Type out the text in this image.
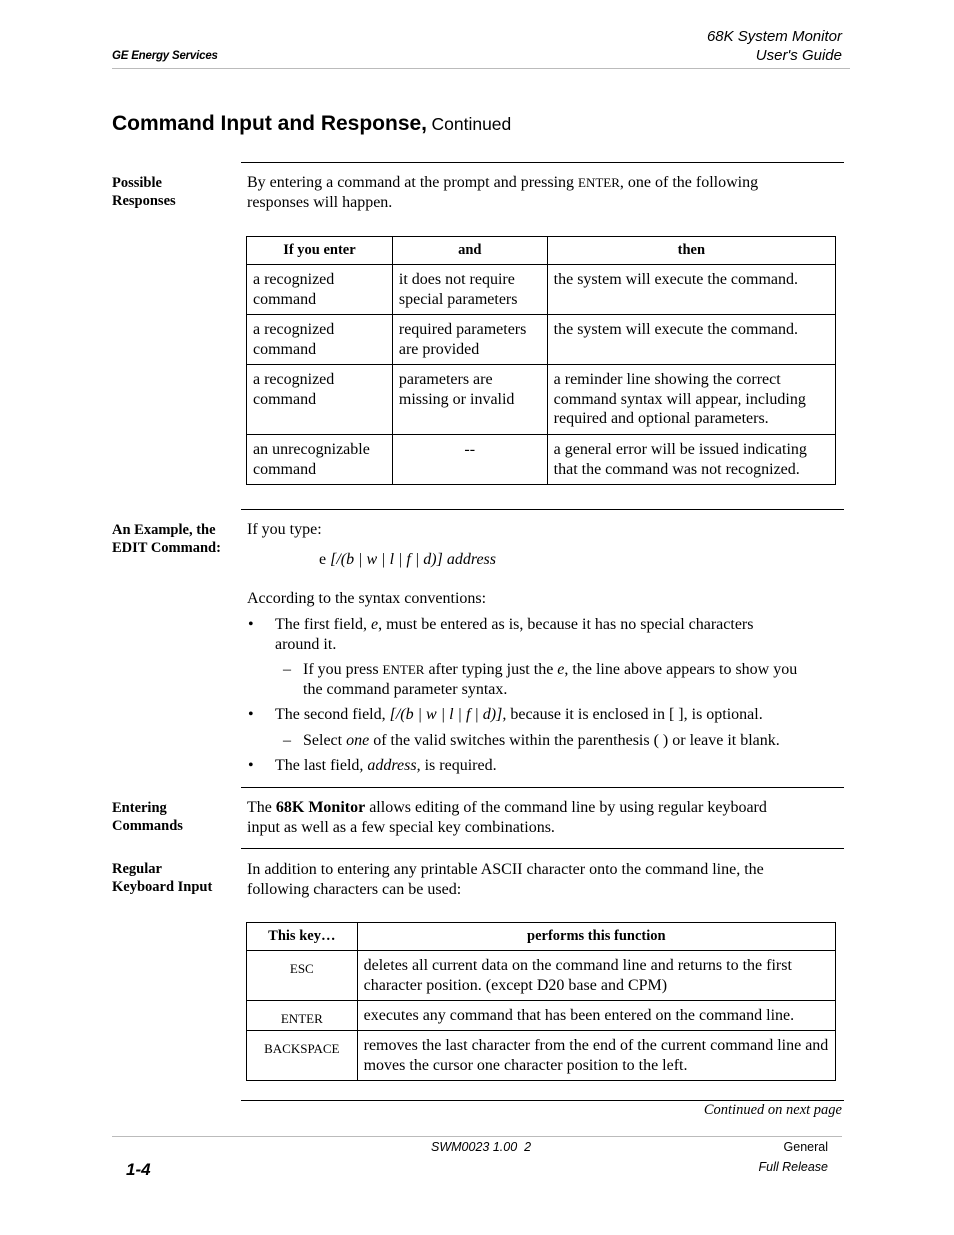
GE Energy Services
68K System Monitor
User's Guide
Command Input and Response, Continued
Possible
Responses
By entering a command at the prompt and pressing ENTER, one of the following
responses will happen.
If you enter	and	then
a recognized command	it does not require special parameters	the system will execute the command.
a recognized command	required parameters are provided	the system will execute the command.
a recognized command	parameters are missing or invalid	a reminder line showing the correct command syntax will appear, including required and optional parameters.
an unrecognizable command	--	a general error will be issued indicating that the command was not recognized.
An Example, the
EDIT Command:
If you type:
e [/(b | w | l | f | d)] address
According to the syntax conventions:
• The first field, e, must be entered as is, because it has no special characters
around it.
– If you press ENTER after typing just the e, the line above appears to show you
the command parameter syntax.
• The second field, [/(b | w | l | f | d)], because it is enclosed in [ ], is optional.
– Select one of the valid switches within the parenthesis ( ) or leave it blank.
• The last field, address, is required.
Entering
Commands
The 68K Monitor allows editing of the command line by using regular keyboard
input as well as a few special key combinations.
Regular
Keyboard Input
In addition to entering any printable ASCII character onto the command line, the
following characters can be used:
This key…	performs this function
ESC	deletes all current data on the command line and returns to the first character position. (except D20 base and CPM)
ENTER	executes any command that has been entered on the command line.
BACKSPACE	removes the last character from the end of the current command line and moves the cursor one character position to the left.
Continued on next page
1-4
SWM0023 1.00  2	General
Full Release
